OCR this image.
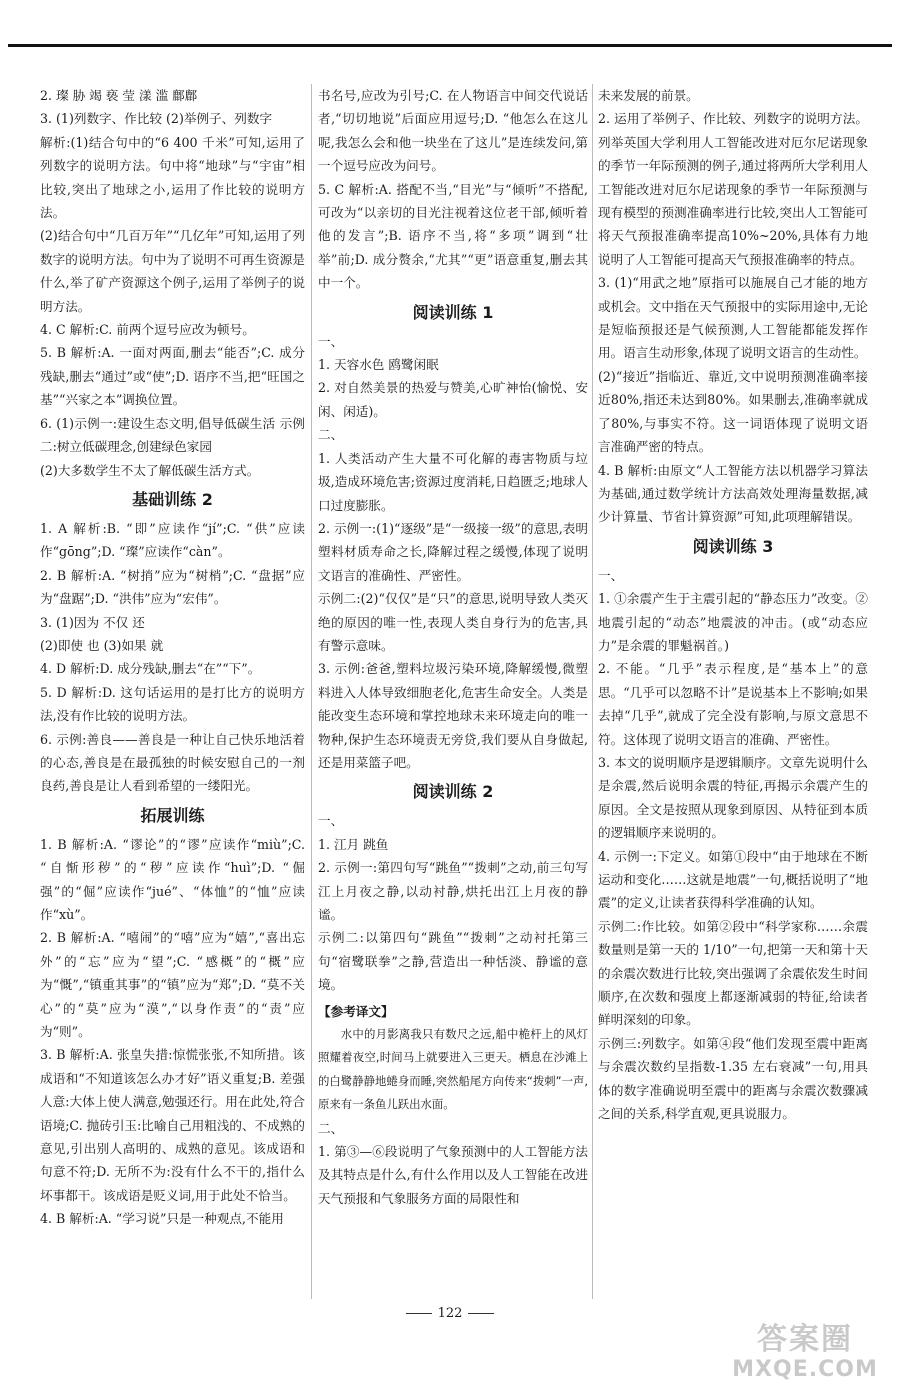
2. 璨 胁 竭 亵 莹 漾 滥 鄜鄜
3. (1)列数字、作比较 (2)举例子、列数字
解析:(1)结合句中的“6 400 千米”可知,运用了列数字的说明方法。句中将“地球”与“宇宙”相比较,突出了地球之小,运用了作比较的说明方法。
(2)结合句中“几百万年”“几亿年”可知,运用了列数字的说明方法。句中为了说明不可再生资源是什么,举了矿产资源这个例子,运用了举例子的说明方法。
4. C 解析:C. 前两个逗号应改为顿号。
5. B 解析:A. 一面对两面,删去“能否”;C. 成分残缺,删去“通过”或“使”;D. 语序不当,把“旺国之基”“兴家之本”调换位置。
6. (1)示例一:建设生态文明,倡导低碳生活 示例二:树立低碳理念,创建绿色家园
(2)大多数学生不太了解低碳生活方式。
基础训练 2
1. A 解析:B. “即”应读作“jí”;C. “供”应读作“gōng”;D. “璨”应读作“càn”。
2. B 解析:A. “树捎”应为“树梢”;C. “盘据”应为“盘踞”;D. “洪伟”应为“宏伟”。
3. (1)因为 不仅 还
(2)即使 也 (3)如果 就
4. D 解析:D. 成分残缺,删去“在”“下”。
5. D 解析:D. 这句话运用的是打比方的说明方法,没有作比较的说明方法。
6. 示例:善良——善良是一种让自己快乐地活着的心态,善良是在最孤独的时候安慰自己的一剂良药,善良是让人看到希望的一缕阳光。
拓展训练
1. B 解析:A. “谬论”的“谬”应读作“miù”;C. “自惭形秽”的“秽”应读作“huì”;D. “倔强”的“倔”应读作“jué”、“体恤”的“恤”应读作“xù”。
2. B 解析:A. “嘻闹”的“嘻”应为“嬉”,“喜出忘外”的“忘”应为“望”;C. “感概”的“概”应为“慨”,“镇重其事”的“镇”应为“郑”;D. “莫不关心”的“莫”应为“漠”,“以身作责”的“责”应为“则”。
3. B 解析:A. 张皇失措:惊慌张张,不知所措。该成语和“不知道该怎么办才好”语义重复;B. 差强人意:大体上使人满意,勉强还行。用在此处,符合语境;C. 抛砖引玉:比喻自己用粗浅的、不成熟的意见,引出别人高明的、成熟的意见。该成语和句意不符;D. 无所不为:没有什么不干的,指什么坏事都干。该成语是贬义词,用于此处不恰当。
4. B 解析:A. “学习说”只是一种观点,不能用
书名号,应改为引号;C. 在人物语言中间交代说话者,“切切地说”后面应用逗号;D. “他怎么在这儿呢,我怎么会和他一块坐在了这儿”是连续发问,第一个逗号应改为问号。
5. C 解析:A. 搭配不当,“目光”与“倾听”不搭配,可改为“以亲切的目光注视着这位老干部,倾听着他的发言”;B. 语序不当,将“多项”调到“壮举”前;D. 成分赘余,“尤其”“更”语意重复,删去其中一个。
阅读训练 1
一、
1. 天容水色 鸥鹭闲眠
2. 对自然美景的热爱与赞美,心旷神怡(愉悦、安闲、闲适)。
二、
1. 人类活动产生大量不可化解的毒害物质与垃圾,造成环境危害;资源过度消耗,日趋匮乏;地球人口过度膨胀。
2. 示例一:(1)“逐级”是“一级接一级”的意思,表明塑料材质寿命之长,降解过程之缓慢,体现了说明文语言的准确性、严密性。
示例二:(2)“仅仅”是“只”的意思,说明导致人类灭绝的原因的唯一性,表现人类自身行为的危害,具有警示意味。
3. 示例:爸爸,塑料垃圾污染环境,降解缓慢,微塑料进入人体导致细胞老化,危害生命安全。人类是能改变生态环境和掌控地球未来环境走向的唯一物种,保护生态环境责无旁贷,我们要从自身做起,还是用菜篮子吧。
阅读训练 2
一、
1. 江月 跳鱼
2. 示例一:第四句写“跳鱼”“拨刺”之动,前三句写江上月夜之静,以动衬静,烘托出江上月夜的静谧。
示例二:以第四句“跳鱼”“拨刺”之动衬托第三句“宿鹭联拳”之静,营造出一种恬淡、静谧的意境。
【参考译文】
水中的月影离我只有数尺之远,船中桅杆上的风灯照耀着夜空,时间马上就要进入三更天。栖息在沙滩上的白鹭静静地蜷身而睡,突然船尾方向传来“拨刺”一声,原来有一条鱼儿跃出水面。
二、
1. 第③—⑥段说明了气象预测中的人工智能方法及其特点是什么,有什么作用以及人工智能在改进天气预报和气象服务方面的局限性和
未来发展的前景。
2. 运用了举例子、作比较、列数字的说明方法。列举英国大学利用人工智能改进对厄尔尼诺现象的季节一年际预测的例子,通过将两所大学利用人工智能改进对厄尔尼诺现象的季节一年际预测与现有模型的预测准确率进行比较,突出人工智能可将天气预报准确率提高10%~20%,具体有力地说明了人工智能可提高天气预报准确率的特点。
3. (1)“用武之地”原指可以施展自己才能的地方或机会。文中指在天气预报中的实际用途中,无论是短临预报还是气候预测,人工智能都能发挥作用。语言生动形象,体现了说明文语言的生动性。
(2)“接近”指临近、靠近,文中说明预测准确率接近80%,指还未达到80%。如果删去,准确率就成了80%,与事实不符。这一词语体现了说明文语言准确严密的特点。
4. B 解析:由原文“人工智能方法以机器学习算法为基础,通过数学统计方法高效处理海量数据,减少计算量、节省计算资源”可知,此项理解错误。
阅读训练 3
一、
1. ①余震产生于主震引起的“静态压力”改变。②地震引起的“动态”地震波的冲击。(或“动态应力”是余震的罪魁祸首。)
2. 不能。“几乎”表示程度,是“基本上”的意思。“几乎可以忽略不计”是说基本上不影响;如果去掉“几乎”,就成了完全没有影响,与原文意思不符。这体现了说明文语言的准确、严密性。
3. 本文的说明顺序是逻辑顺序。文章先说明什么是余震,然后说明余震的特征,再揭示余震产生的原因。全文是按照从现象到原因、从特征到本质的逻辑顺序来说明的。
4. 示例一:下定义。如第①段中“由于地球在不断运动和变化……这就是地震”一句,概括说明了“地震”的定义,让读者获得科学准确的认知。
示例二:作比较。如第②段中“科学家称……余震数量则是第一天的 1/10”一句,把第一天和第十天的余震次数进行比较,突出强调了余震依发生时间顺序,在次数和强度上都逐渐减弱的特征,给读者鲜明深刻的印象。
示例三:列数字。如第④段“他们发现至震中距离与余震次数约呈指数-1.35 左右衰减”一句,用具体的数字准确说明至震中的距离与余震次数骤减之间的关系,科学直观,更具说服力。
122
答案圈
MXQE.COM
